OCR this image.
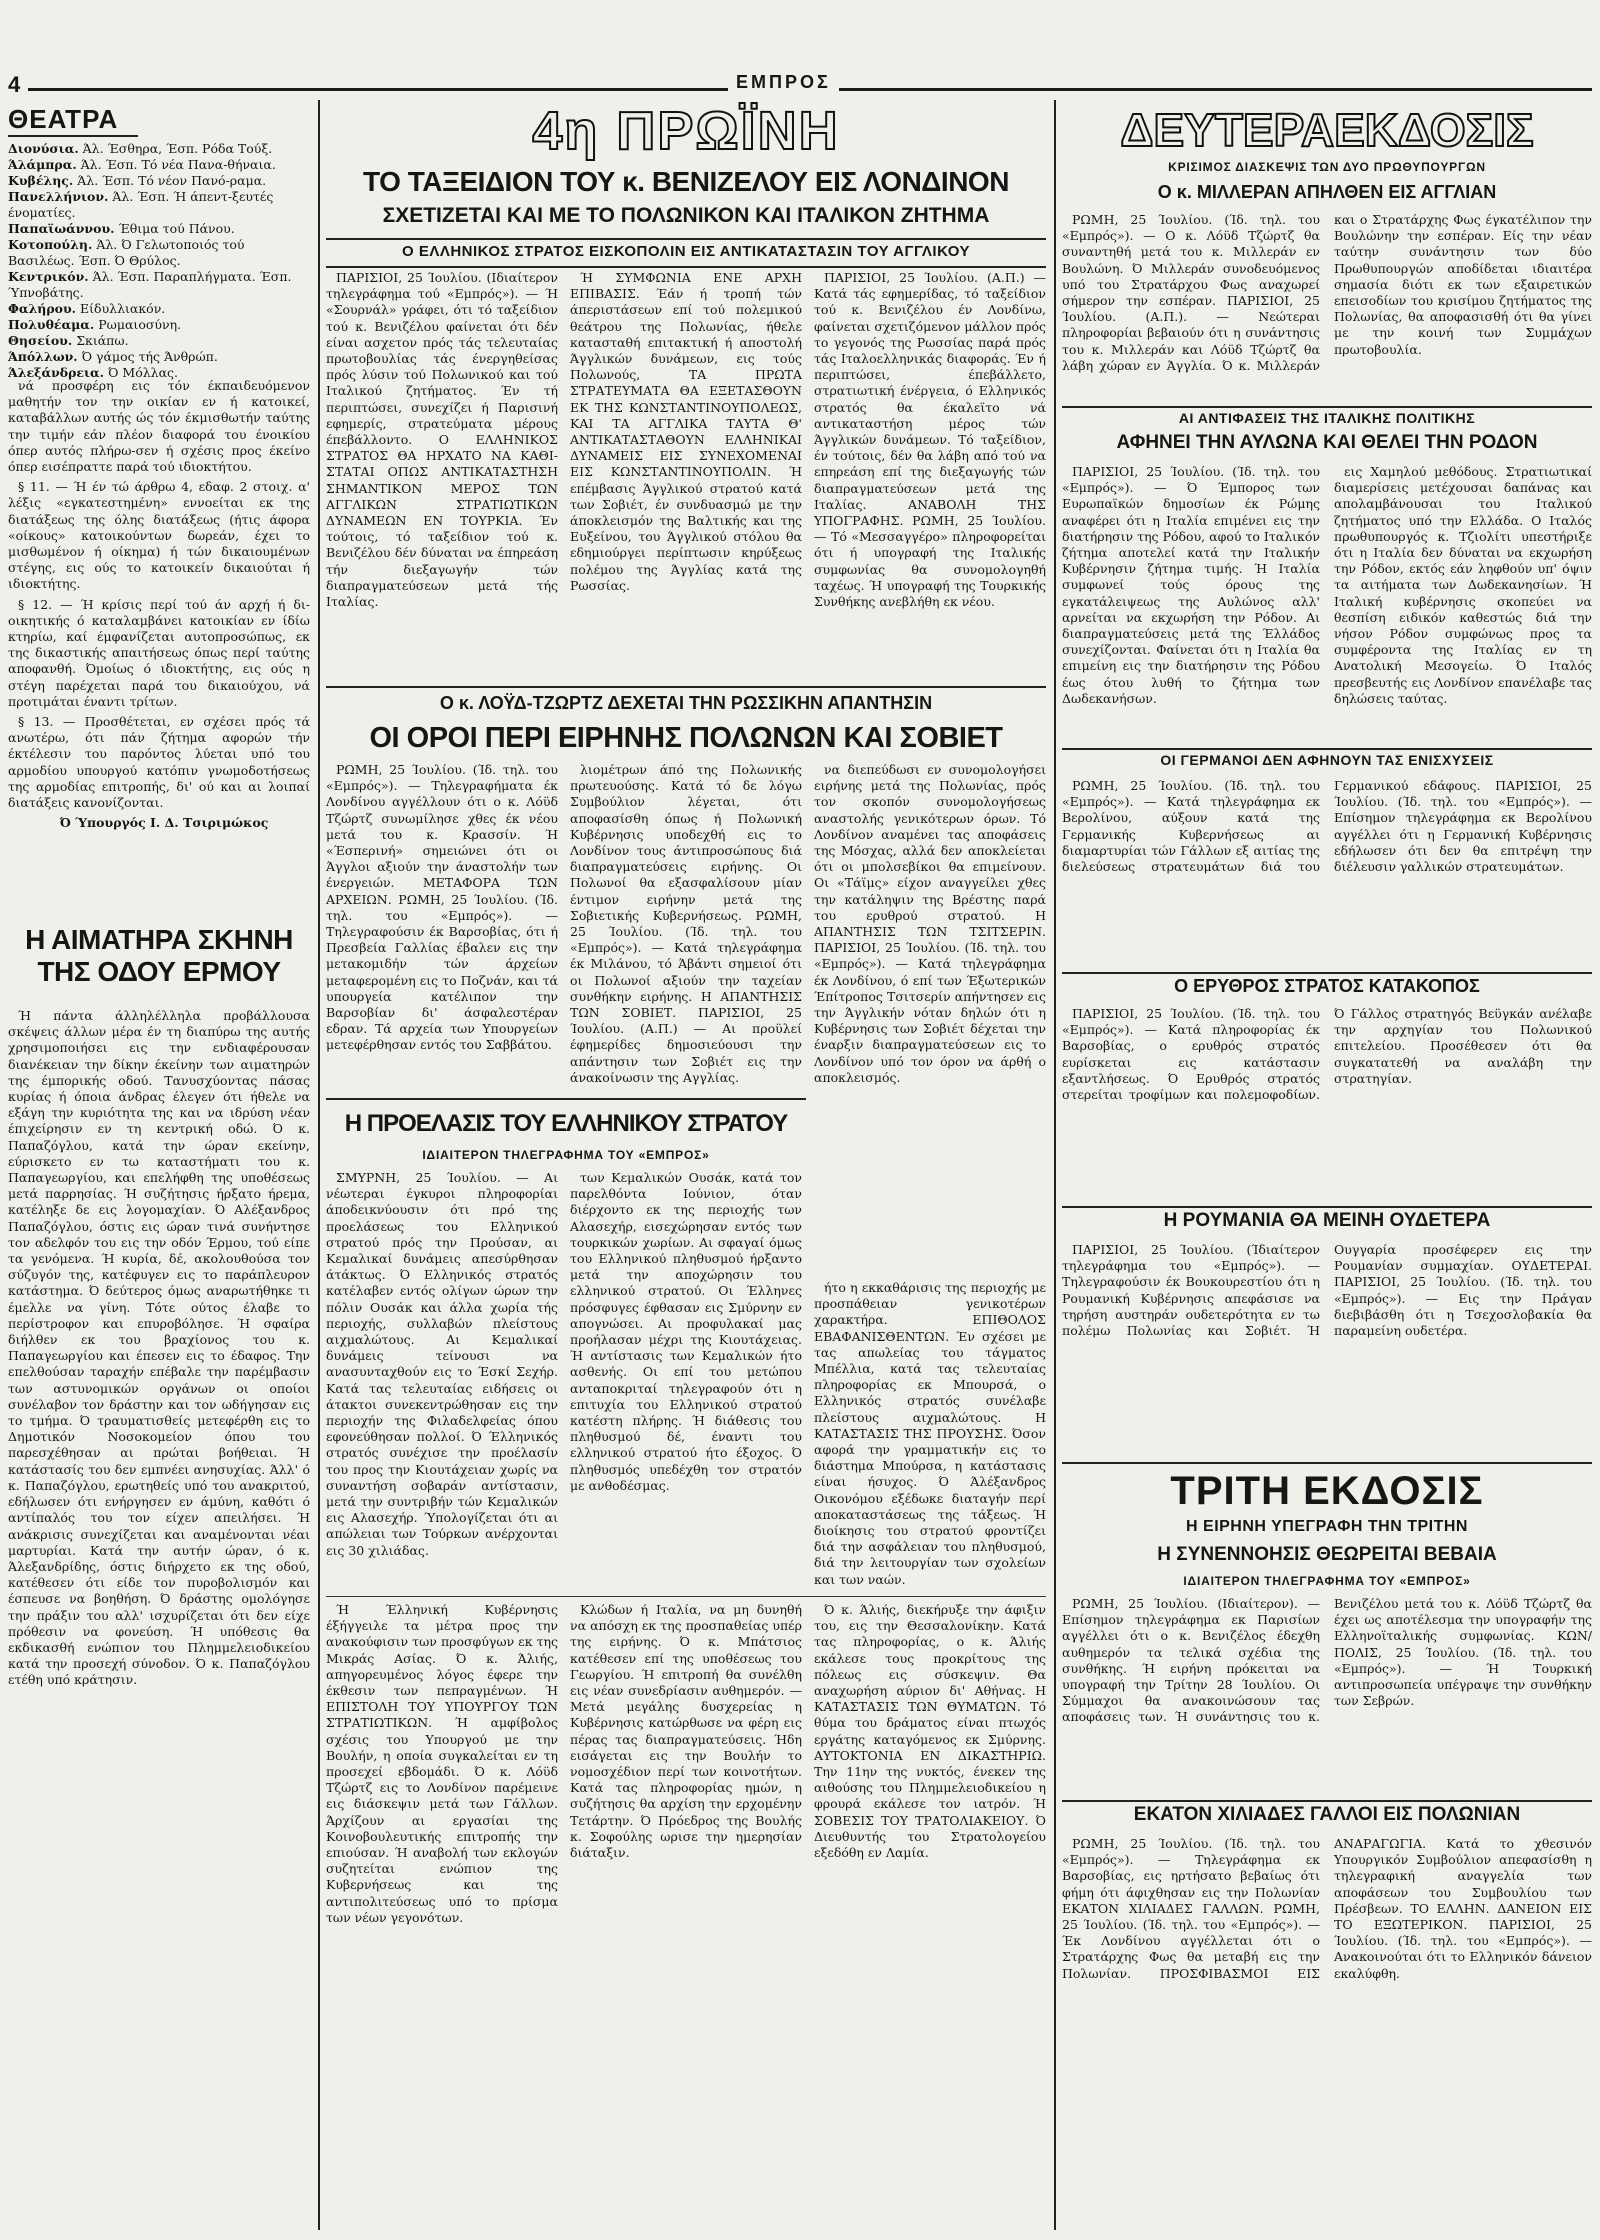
4	ΕΜΠΡΟΣ
ΘΕΑΤΡΑ
Διονύσια. Άλ. Έσθηρα, Έσπ. Ρόδα Τούξ.
Άλάμπρα. Άλ. Έσπ. Τό νέα Πανα-θήναια.
Κυβέλης. Άλ. Έσπ. Τό νέον Πανό-ραμα.
Πανελλήνιον. Άλ. Έσπ. Ή άπεντ-ξευτές ένοματίες.
Παπαϊωάννου. Έθιμα τού Πάνου.
Κοτοπούλη. Άλ. Ό Γελωτοποιός τού Βασιλέως. Έσπ. Ό Θρύλος.
Κεντρικόν. Άλ. Έσπ. Παραπλήγματα. Έσπ. Ύπνοβάτης.
Φαλήρου. Είδυλλιακόν.
Πολυθέαμα. Ρωμαιοσύνη.
Θησείου. Σκιάπω.
Άπόλλων. Ό γάμος τής Άνθρώπ.
Άλεξάνδρεια. Ό Μόλλας.

νά προσφέρη εις τόν έκπαιδευόμενον μαθητήν τον την οικίαν εν ή κατοικεί, καταβάλλων αυτής ώς τόν έκμισθωτήν ταύτης την τιμήν εάν πλέον διαφορά του ένοικίου όπερ αυτός πλήρω-σεν ή σχέσις προς έκείνο όπερ εισέπραττε παρά τού ιδιοκτήτου.

§ 11. — Ή έν τώ άρθρω 4, εδαφ. 2 στοιχ. α' λέξις «εγκατεστημένη» εννοείται εκ της διατάξεως της όλης διατάξεως (ήτις άφορα «οίκους» κατοικούντων δωρεάν, έχει το μισθωμένον ή οίκημα) ή τών δικαιουμένων στέγης, εις ούς το κατοικείν δικαιούται ή ιδιοκτήτης.

§ 12. — Ή κρίσις περί τού άν αρχή ή δι-οικητικής ό καταλαμβάνει κατοικίαν εν ίδίω κτηρίω, καί έμφανίζεται αυτοπροσώπως, εκ της δικαστικής απαιτήσεως όπως περί ταύτης αποφανθή. Όμοίως ό ιδιοκτήτης, εις ούς η στέγη παρέχεται παρά του δικαιούχου, νά προτιμάται έναντι τρίτων.

§ 13. — Προσθέτεται, εν σχέσει πρός τά ανωτέρω, ότι πάν ζήτημα αφορών τήν έκτέλεσιν του παρόντος λύεται υπό του αρμοδίου υπουργού κατόπιν γνωμοδοτήσεως της αρμοδίας επιτροπής, δι' ού και αι λοιπαί διατάξεις κανονίζονται.

Ό Ύπουργός Ι. Δ. Τσιριμώκος

Η ΑΙΜΑΤΗΡΑ ΣΚΗΝΗ
ΤΗΣ ΟΔΟΥ ΕΡΜΟΥ

Ή πάντα άλληλέλληλα προβάλλουσα σκέψεις άλλων μέρα έν τη διαπύρω της αυτής χρησιμοποιήσει εις την ενδιαφέρουσαν διανέκειαν την δίκην έκείνην των αιματηρών της έμπορικής οδού. Τανυσχύοντας πάσας κυρίας ή όποια άνδρας έλεγεν ότι ήθελε να εξάγη την κυριότητα της και να ιδρύση νέαν έπιχείρησιν εν τη κεντρική οδώ. Ό κ. Παπαζόγλου, κατά την ώραν εκείνην, εύρισκετο εν τω καταστήματι του κ. Παπαγεωργίου, και επελήφθη της υποθέσεως μετά παρρησίας. Ή συζήτησις ήρξατο ήρεμα, κατέληξε δε εις λογομαχίαν. Ό Αλέξανδρος Παπαζόγλου, όστις εις ώραν τινά συνήντησε τον αδελφόν του εις την οδόν Έρμου, τού είπε τα γενόμενα. Ή κυρία, δέ, ακολουθούσα τον σύζυγόν της, κατέφυγεν εις το παράπλευρον κατάστημα. Ό δεύτερος όμως αναρωτήθηκε τι έμελλε να γίνη. Τότε ούτος έλαβε το περίστροφον και επυροβόλησε. Ή σφαίρα διήλθεν εκ του βραχίονος του κ. Παπαγεωργίου και έπεσεν εις το έδαφος. Την επελθούσαν ταραχήν επέβαλε την παρέμβασιν των αστυνομικών οργάνων οι οποίοι συνέλαβον τον δράστην και τον ωδήγησαν εις το τμήμα. Ό τραυματισθείς μετεφέρθη εις το Δημοτικόν Νοσοκομείον όπου του παρεσχέθησαν αι πρώται βοήθειαι. Ή κατάστασίς του δεν εμπνέει ανησυχίας. Άλλ' ό κ. Παπαζόγλου, ερωτηθείς υπό του ανακριτού, εδήλωσεν ότι ενήργησεν εν άμύνη, καθότι ό αντίπαλός του τον είχεν απειλήσει. Ή ανάκρισις συνεχίζεται και αναμένονται νέαι μαρτυρίαι. Κατά την αυτήν ώραν, ό κ. Άλεξανδρίδης, όστις διήρχετο εκ της οδού, κατέθεσεν ότι είδε τον πυροβολισμόν και έσπευσε να βοηθήση. Ό δράστης ομολόγησε την πράξιν του αλλ' ισχυρίζεται ότι δεν είχε πρόθεσιν να φονεύση. Ή υπόθεσις θα εκδικασθή ενώπιον του Πλημμελειοδικείου κατά την προσεχή σύνοδον. Ό κ. Παπαζόγλου ετέθη υπό κράτησιν.

4η ΠΡΩΪΝΗ
ΤΟ ΤΑΞΕΙΔΙΟΝ ΤΟΥ κ. ΒΕΝΙΖΕΛΟΥ ΕΙΣ ΛΟΝΔΙΝΟΝ
ΣΧΕΤΙΖΕΤΑΙ ΚΑΙ ΜΕ ΤΟ ΠΟΛΩΝΙΚΟΝ ΚΑΙ ΙΤΑΛΙΚΟΝ ΖΗΤΗΜΑ
Ο ΕΛΛΗΝΙΚΟΣ ΣΤΡΑΤΟΣ ΕΙΣΚΟΠΟΛΙΝ ΕΙΣ ΑΝΤΙΚΑΤΑΣΤΑΣΙΝ ΤΟΥ ΑΓΓΛΙΚΟΥ

ΠΑΡΙΣΙΟΙ, 25 Ίουλίου. (Ιδιαίτερον τηλεγράφημα τού «Εμπρός»). — Ή «Σουρνάλ» γράφει, ότι τό ταξείδιον τού κ. Βενιζέλου φαίνεται ότι δέν είναι ασχετον πρός τάς τελευταίας πρωτοβουλίας τάς ένεργηθείσας πρός λύσιν τού Πολωνικού και τού Ιταλικού ζητήματος. Έν τή περιπτώσει, συνεχίζει ή Παρισινή εφημερίς, στρατεύματα μέρους έπεβάλλοντο. Ο ΕΛΛΗΝΙΚΟΣ ΣΤΡΑΤΟΣ ΘΑ ΗΡΧΑΤΟ ΝΑ ΚΑΘΙ-ΣΤΑΤΑΙ ΟΠΩΣ ΑΝΤΙΚΑΤΑΣΤΗΣΗ ΣΗΜΑΝΤΙΚΟΝ ΜΕΡΟΣ ΤΩΝ ΑΓΓΛΙΚΩΝ ΣΤΡΑΤΙΩΤΙΚΩΝ ΔΥΝΑΜΕΩΝ ΕΝ ΤΟΥΡΚΙΑ. Έν τούτοις, τό ταξείδιον τού κ. Βενιζέλου δέν δύναται να έπηρεάση τήν διεξαγωγήν τών διαπραγματεύσεων μετά τής Ιταλίας.

Ή ΣΥΜΦΩΝΙΑ ΕΝΕ ΑΡΧΗ ΕΠΙΒΑΣΙΣ. Έάν ή τροπή τών άπεριστάσεων επί τού πολεμικού θεάτρου της Πολωνίας, ήθελε κατασταθή επιτακτική ή αποστολή Άγγλικών δυνάμεων, εις τούς Πολωνούς, ΤΑ ΠΡΩΤΑ ΣΤΡΑΤΕΥΜΑΤΑ ΘΑ ΕΞΕΤΑΣΘΟΥΝ ΕΚ ΤΗΣ ΚΩΝΣΤΑΝΤΙΝΟΥΠΟΛΕΩΣ, ΚΑΙ ΤΑ ΑΓΓΛΙΚΑ ΤΑΥΤΑ Θ' ΑΝΤΙΚΑΤΑΣΤΑΘΟΥΝ ΕΛΛΗΝΙΚΑΙ ΔΥΝΑΜΕΙΣ ΕΙΣ ΣΥΝΕΧΟΜΕΝΑΙ ΕΙΣ ΚΩΝΣΤΑΝΤΙΝΟΥΠΟΛΙΝ. Ή επέμβασις Άγγλικού στρατού κατά των Σοβιέτ, έν συνδυασμώ με την άποκλεισμόν της Βαλτικής και της Ευξείνου, του Άγγλικού στόλου θα εδημιούργει περίπτωσιν κηρύξεως πολέμου της Άγγλίας κατά της Ρωσσίας.

ΠΑΡΙΣΙΟΙ, 25 Ίουλίου. (Α.Π.) — Κατά τάς εφημερίδας, τό ταξείδιον τού κ. Βενιζέλου έν Λονδίνω, φαίνεται σχετιζόμενον μάλλον πρός το γεγονός της Ρωσσίας παρά πρός τάς Ιταλοελληνικάς διαφοράς. Έν ή περιπτώσει, έπεβάλλετο, στρατιωτική ένέργεια, ό Ελληνικός στρατός θα έκαλεϊτο νά αντικαταστήση μέρος τών Άγγλικών δυνάμεων. Τό ταξείδιον, έν τούτοις, δέν θα λάβη από τού να επηρεάση επί της διεξαγωγής τών διαπραγματεύσεων μετά της Ιταλίας. ΑΝΑΒΟΛΗ ΤΗΣ ΥΠΟΓΡΑΦΗΣ. ΡΩΜΗ, 25 Ίουλίου. — Τό «Μεσσαγγέρο» πληροφορείται ότι ή υπογραφή της Ιταλικής συμφωνίας θα συνομολογηθή ταχέως. Ή υπογραφή της Τουρκικής Συνθήκης ανεβλήθη εκ νέου.

Ο κ. ΛΟΫΔ-ΤΖΩΡΤΖ ΔΕΧΕΤΑΙ ΤΗΝ ΡΩΣΣΙΚΗΝ ΑΠΑΝΤΗΣΙΝ
ΟΙ ΟΡΟΙ ΠΕΡΙ ΕΙΡΗΝΗΣ ΠΟΛΩΝΩΝ ΚΑΙ ΣΟΒΙΕΤ

ΡΩΜΗ, 25 Ίουλίου. (Ίδ. τηλ. του «Εμπρός»). — Τηλεγραφήματα έκ Λονδίνου αγγέλλουν ότι ο κ. Λόϋδ Τζώρτζ συνωμίλησε χθες έκ νέου μετά του κ. Κρασσίν. Ή «Έσπερινή» σημειώνει ότι οι Άγγλοι αξιούν την άναστολήν των ένεργειών. ΜΕΤΑΦΟΡΑ ΤΩΝ ΑΡΧΕΙΩΝ. ΡΩΜΗ, 25 Ίουλίου. (Ίδ. τηλ. του «Εμπρός»). — Τηλεγραφούσιν έκ Βαρσοβίας, ότι ή Πρεσβεία Γαλλίας έβαλεν εις την μετακομιδήν τών άρχείων μεταφερομένη εις το Ποζνάν, και τά υπουργεία κατέλιπον την Βαρσοβίαν δι' άσφαλεστέραν εδραν. Τά αρχεία των Υπουργείων μετεφέρθησαν εντός του Σαββάτου.

λιομέτρων άπό της Πολωνικής πρωτευούσης. Κατά τό δε λόγω Συμβούλιον λέγεται, ότι αποφασίσθη όπως ή Πολωνική Κυβέρνησις υποδεχθή εις το Λονδίνον τους άντιπροσώπους διά διαπραγματεύσεις ειρήνης. Οι Πολωνοί θα εξασφαλίσουν μίαν έντιμον ειρήνην μετά της Σοβιετικής Κυβερνήσεως. ΡΩΜΗ, 25 Ίουλίου. (Ίδ. τηλ. του «Εμπρός»). — Κατά τηλεγράφημα έκ Μιλάνου, τό Άβάντι σημειοί ότι οι Πολωνοί αξιούν την ταχείαν συνθήκην ειρήνης. Η ΑΠΑΝΤΗΣΙΣ ΤΩΝ ΣΟΒΙΕΤ. ΠΑΡΙΣΙΟΙ, 25 Ίουλίου. (Α.Π.) — Αι προϋλεί έφημερίδες δημοσιεύουσι την απάντησιν των Σοβιέτ εις την άνακοίνωσιν της Αγγλίας.

να διεπεύδωσι εν συνομολογήσει ειρήνης μετά της Πολωνίας, πρός τον σκοπόν συνομολογήσεως αναστολής γενικότερων όρων. Τό Λονδίνον αναμένει τας αποφάσεις της Μόσχας, αλλά δεν αποκλείεται ότι οι μπολσεβίκοι θα επιμείνουν. Οι «Τάϊμς» είχον αναγγείλει χθες την κατάληψιν της Βρέστης παρά του ερυθρού στρατού. Η ΑΠΑΝΤΗΣΙΣ ΤΩΝ ΤΣΙΤΣΕΡΙΝ. ΠΑΡΙΣΙΟΙ, 25 Ίουλίου. (Ίδ. τηλ. του «Εμπρός»). — Κατά τηλεγράφημα έκ Λονδίνου, ό επί των Έξωτερικών Έπίτροπος Τσιτσερίν απήντησεν εις την Άγγλικήν νόταν δηλών ότι η Κυβέρνησις των Σοβιέτ δέχεται την έναρξιν διαπραγματεύσεων εις το Λονδίνον υπό τον όρον να άρθή ο αποκλεισμός.

Η ΠΡΟΕΛΑΣΙΣ ΤΟΥ ΕΛΛΗΝΙΚΟΥ ΣΤΡΑΤΟΥ
ΙΔΙΑΙΤΕΡΟΝ ΤΗΛΕΓΡΑΦΗΜΑ ΤΟΥ «ΕΜΠΡΟΣ»

ΣΜΥΡΝΗ, 25 Ίουλίου. — Αι νέωτεραι έγκυροι πληροφορίαι άποδεικνύουσιν ότι πρό της προελάσεως του Ελληνικού στρατού πρός την Προύσαν, αι Κεμαλικαί δυνάμεις απεσύρθησαν άτάκτως. Ό Ελληνικός στρατός κατέλαβεν εντός ολίγων ώρων την πόλιν Ουσάκ και άλλα χωρία τής περιοχής, συλλαβών πλείστους αιχμαλώτους. Αι Κεμαλικαί δυνάμεις τείνουσι να ανασυνταχθούν εις το Έσκί Σεχήρ. Κατά τας τελευταίας ειδήσεις οι άτακτοι συνεκεντρώθησαν εις την περιοχήν της Φιλαδελφείας όπου εφονεύθησαν πολλοί. Ό Έλληνικός στρατός συνέχισε την προέλασίν του προς την Κιουτάχειαν χωρίς να συναντήση σοβαράν αντίστασιν, μετά την συντριβήν τών Κεμαλικών εις Αλασεχήρ. Ύπολογίζεται ότι αι απώλειαι των Τούρκων ανέρχονται εις 30 χιλιάδας.

των Κεμαλικών Ουσάκ, κατά τον παρελθόντα Ιούνιον, όταν διέρχοντο εκ της περιοχής των Αλασεχήρ, εισεχώρησαν εντός των τουρκικών χωρίων. Αι σφαγαί όμως του Ελληνικού πληθυσμού ήρξαντο μετά την αποχώρησιν του ελληνικού στρατού. Οι Έλληνες πρόσφυγες έφθασαν εις Σμύρνην εν απογνώσει. Αι προφυλακαί μας προήλασαν μέχρι της Κιουτάχειας. Ή αντίστασις των Κεμαλικών ήτο ασθενής. Οι επί του μετώπου ανταποκριταί τηλεγραφούν ότι η επιτυχία του Ελληνικού στρατού κατέστη πλήρης. Ή διάθεσις του πληθυσμού δέ, έναντι του ελληνικού στρατού ήτο έξοχος. Ό πληθυσμός υπεδέχθη τον στρατόν με ανθοδέσμας.

ήτο η εκκαθάρισις της περιοχής με προσπάθειαν γενικοτέρων χαρακτήρα. ΕΠΙΘΟΛΟΣ ΕΒΑΦΑΝΙΣΘΕΝΤΩΝ. Έν σχέσει με τας απωλείας του τάγματος Μπέλλια, κατά τας τελευταίας πληροφορίας εκ Μπουρσά, ο Ελληνικός στρατός συνέλαβε πλείστους αιχμαλώτους. Η ΚΑΤΑΣΤΑΣΙΣ ΤΗΣ ΠΡΟΥΣΗΣ. Όσον αφορά την γραμματικήν εις το διάστημα Μπούρσα, η κατάστασις είναι ήσυχος. Ό Άλέξανδρος Οικονόμου εξέδωκε διαταγήν περί αποκαταστάσεως της τάξεως. Ή διοίκησις του στρατού φροντίζει διά την ασφάλειαν του πληθυσμού, διά την λειτουργίαν των σχολείων και των ναών.

Ή Έλληνική Κυβέρνησις έξήγγειλε τα μέτρα προς την ανακούφισιν των προσφύγων εκ της Μικράς Ασίας. Ό κ. Άλιής, απηγορευμένος λόγος έφερε την έκθεσιν των πεπραγμένων. Ή ΕΠΙΣΤΟΛΗ ΤΟΥ ΥΠΟΥΡΓΟΥ ΤΩΝ ΣΤΡΑΤΙΩΤΙΚΩΝ. Ή αμφίβολος σχέσις του Υπουργού με την Βουλήν, η οποία συγκαλείται εν τη προσεχεί εβδομάδι. Ό κ. Λόϋδ Τζώρτζ εις το Λονδίνον παρέμεινε εις διάσκεψιν μετά των Γάλλων. Άρχίζουν αι εργασίαι της Κοινοβουλευτικής επιτροπής την επιούσαν. Ή αναβολή των εκλογών συζητείται ενώπιον της Κυβερνήσεως και της αντιπολιτεύσεως υπό το πρίσμα των νέων γεγονότων.

Κλώδων ή Ιταλία, να μη δυνηθή να απόσχη εκ της προσπαθείας υπέρ της ειρήνης. Ό κ. Μπάτσιος κατέθεσεν επί της υποθέσεως του Γεωργίου. Ή επιτροπή θα συνέλθη εις νέαν συνεδρίασιν αυθημερόν. —Μετά μεγάλης δυσχερείας η Κυβέρνησις κατώρθωσε να φέρη εις πέρας τας διαπραγματεύσεις. Ήδη εισάγεται εις την Βουλήν το νομοσχέδιον περί των κοινοτήτων. Κατά τας πληροφορίας ημών, η συζήτησις θα αρχίση την ερχομένην Τετάρτην. Ό Πρόεδρος της Βουλής κ. Σοφούλης ωρισε την ημερησίαν διάταξιν.

Ό κ. Άλιής, διεκήρυξε την άφιξιν του, εις την Θεσσαλονίκην. Κατά τας πληροφορίας, ο κ. Άλιής εκάλεσε τους προκρίτους της πόλεως εις σύσκεψιν. Θα αναχωρήση αύριον δι' Αθήνας. Η ΚΑΤΑΣΤΑΣΙΣ ΤΩΝ ΘΥΜΑΤΩΝ. Τό θύμα του δράματος είναι πτωχός εργάτης καταγόμενος εκ Σμύρνης. ΑΥΤΟΚΤΟΝΙΑ ΕΝ ΔΙΚΑΣΤΗΡΙΩ. Την 11ην της νυκτός, ένεκεν της αιθούσης του Πλημμελειοδικείου η φρουρά εκάλεσε τον ιατρόν. Ή ΣΟΒΕΣΙΣ ΤΟΥ ΤΡΑΤΟΛΙΑΚΕΙΟΥ. Ό Διευθυντής του Στρατολογείου εξεδόθη εν Λαμία.

ΔΕΥΤΕΡΑΕΚΔΟΣΙΣ
ΚΡΙΣΙΜΟΣ ΔΙΑΣΚΕΨΙΣ ΤΩΝ ΔΥΟ ΠΡΩΘΥΠΟΥΡΓΩΝ
Ο κ. ΜΙΛΛΕΡΑΝ ΑΠΗΛΘΕΝ ΕΙΣ ΑΓΓΛΙΑΝ

ΡΩΜΗ, 25 Ίουλίου. (Ίδ. τηλ. του «Εμπρός»). — Ο κ. Λόϋδ Τζώρτζ θα συναντηθή μετά του κ. Μιλλεράν εν Βουλώνη. Ό Μιλλεράν συνοδευόμενος υπό του Στρατάρχου Φως αναχωρεί σήμερον την εσπέραν. ΠΑΡΙΣΙΟΙ, 25 Ίουλίου. (Α.Π.). — Νεώτεραι πληροφορίαι βεβαιούν ότι η συνάντησις του κ. Μιλλεράν και Λόϋδ Τζώρτζ θα λάβη χώραν εν Άγγλία. Ό κ. Μιλλεράν και ο Στρατάρχης Φως έγκατέλιπον την Βουλώνην την εσπέραν. Είς την νέαν ταύτην συνάντησιν των δύο Πρωθυπουργών αποδίδεται ιδιαιτέρα σημασία διότι εκ των εξαιρετικών επεισοδίων του κρισίμου ζητήματος της Πολωνίας, θα αποφασισθή ότι θα γίνει με την κοινή των Συμμάχων πρωτοβουλία.

ΑΙ ΑΝΤΙΦΑΣΕΙΣ ΤΗΣ ΙΤΑΛΙΚΗΣ ΠΟΛΙΤΙΚΗΣ
ΑΦΗΝΕΙ ΤΗΝ ΑΥΛΩΝΑ ΚΑΙ ΘΕΛΕΙ ΤΗΝ ΡΟΔΟΝ

ΠΑΡΙΣΙΟΙ, 25 Ίουλίου. (Ίδ. τηλ. του «Εμπρός»). — Ό Έμπορος των Ευρωπαϊκών δημοσίων έκ Ρώμης αναφέρει ότι η Ιταλία επιμένει εις την διατήρησιν της Ρόδου, αφού το Ιταλικόν ζήτημα αποτελεί κατά την Ιταλικήν Κυβέρνησιν ζήτημα τιμής. Ή Ιταλία συμφωνεί τούς όρους της εγκατάλειψεως της Αυλώνος αλλ' αρνείται να εκχωρήση την Ρόδον. Αι διαπραγματεύσεις μετά της Έλλάδος συνεχίζονται. Φαίνεται ότι η Ιταλία θα επιμείνη εις την διατήρησιν της Ρόδου έως ότου λυθή το ζήτημα των Δωδεκανήσων.

εις Χαμηλού μεθόδους. Στρατιωτικαί διαμερίσεις μετέχουσαι δαπάνας και απολαμβάνουσαι του Ιταλικού ζητήματος υπό την Ελλάδα. Ο Ιταλός πρωθυπουργός κ. Τζιολίτι υπεστήριξε ότι η Ιταλία δεν δύναται να εκχωρήση την Ρόδον, εκτός εάν ληφθούν υπ' όψιν τα αιτήματα των Δωδεκανησίων. Ή Ιταλική κυβέρνησις σκοπεύει να θεσπίση ειδικόν καθεστώς διά την νήσον Ρόδον συμφώνως προς τα συμφέροντα της Ιταλίας εν τη Ανατολική Μεσογείω. Ό Ιταλός πρεσβευτής εις Λονδίνον επανέλαβε τας δηλώσεις ταύτας.

ΟΙ ΓΕΡΜΑΝΟΙ ΔΕΝ ΑΦΗΝΟΥΝ ΤΑΣ ΕΝΙΣΧΥΣΕΙΣ

ΡΩΜΗ, 25 Ίουλίου. (Ίδ. τηλ. του «Εμπρός»). — Κατά τηλεγράφημα εκ Βερολίνου, αύξουν κατά της Γερμανικής Κυβερνήσεως αι διαμαρτυρίαι τών Γάλλων εξ αιτίας της διελεύσεως στρατευμάτων διά του Γερμανικού εδάφους. ΠΑΡΙΣΙΟΙ, 25 Ίουλίου. (Ίδ. τηλ. του «Εμπρός»). — Επίσημον τηλεγράφημα εκ Βερολίνου αγγέλλει ότι η Γερμανική Κυβέρνησις εδήλωσεν ότι δεν θα επιτρέψη την διέλευσιν γαλλικών στρατευμάτων.

Ο ΕΡΥΘΡΟΣ ΣΤΡΑΤΟΣ ΚΑΤΑΚΟΠΟΣ

ΠΑΡΙΣΙΟΙ, 25 Ίουλίου. (Ίδ. τηλ. του «Εμπρός»). — Κατά πληροφορίας έκ Βαρσοβίας, ο ερυθρός στρατός ευρίσκεται εις κατάστασιν εξαντλήσεως. Ό Ερυθρός στρατός στερείται τροφίμων και πολεμοφοδίων. Ό Γάλλος στρατηγός Βεϋγκάν ανέλαβε την αρχηγίαν του Πολωνικού επιτελείου. Προσέθεσεν ότι θα συγκατατεθή να αναλάβη την στρατηγίαν.

Η ΡΟΥΜΑΝΙΑ ΘΑ ΜΕΙΝΗ ΟΥΔΕΤΕΡΑ

ΠΑΡΙΣΙΟΙ, 25 Ίουλίου. (Ίδιαίτερον τηλεγράφημα του «Εμπρός»). — Τηλεγραφούσιν έκ Βουκουρεστίου ότι η Ρουμανική Κυβέρνησις απεφάσισε να τηρήση αυστηράν ουδετερότητα εν τω πολέμω Πολωνίας και Σοβιέτ. Ή Ουγγαρία προσέφερεν εις την Ρουμανίαν συμμαχίαν. ΟΥΔΕΤΕΡΑΙ. ΠΑΡΙΣΙΟΙ, 25 Ίουλίου. (Ίδ. τηλ. του «Εμπρός»). — Εις την Πράγαν διεβιβάσθη ότι η Τσεχοσλοβακία θα παραμείνη ουδετέρα.

ΤΡΙΤΗ ΕΚΔΟΣΙΣ
Η ΕΙΡΗΝΗ ΥΠΕΓΡΑΦΗ ΤΗΝ ΤΡΙΤΗΝ
Η ΣΥΝΕΝΝΟΗΣΙΣ ΘΕΩΡΕΙΤΑΙ ΒΕΒΑΙΑ
ΙΔΙΑΙΤΕΡΟΝ ΤΗΛΕΓΡΑΦΗΜΑ ΤΟΥ «ΕΜΠΡΟΣ»

ΡΩΜΗ, 25 Ίουλίου. (Ιδιαίτερον). — Επίσημον τηλεγράφημα εκ Παρισίων αγγέλλει ότι ο κ. Βενιζέλος έδεχθη αυθημερόν τα τελικά σχέδια της συνθήκης. Ή ειρήνη πρόκειται να υπογραφή την Τρίτην 28 Ίουλίου. Οι Σύμμαχοι θα ανακοινώσουν τας αποφάσεις των. Ή συνάντησις του κ. Βενιζέλου μετά του κ. Λόϋδ Τζώρτζ θα έχει ως αποτέλεσμα την υπογραφήν της Ελληνοϊταλικής συμφωνίας. ΚΩΝ/ΠΟΛΙΣ, 25 Ίουλίου. (Ίδ. τηλ. του «Εμπρός»). — Ή Τουρκική αντιπροσωπεία υπέγραψε την συνθήκην των Σεβρών.

ΕΚΑΤΟΝ ΧΙΛΙΑΔΕΣ ΓΑΛΛΟΙ ΕΙΣ ΠΟΛΩΝΙΑΝ

ΡΩΜΗ, 25 Ίουλίου. (Ίδ. τηλ. του «Εμπρός»). — Τηλεγράφημα εκ Βαρσοβίας, εις ηρτήσατο βεβαίως ότι φήμη ότι άφιχθησαν εις την Πολωνίαν ΕΚΑΤΟΝ ΧΙΛΙΑΔΕΣ ΓΑΛΛΩΝ. ΡΩΜΗ, 25 Ίουλίου. (Ίδ. τηλ. του «Εμπρός»). — Έκ Λονδίνου αγγέλλεται ότι ο Στρατάρχης Φως θα μεταβή εις την Πολωνίαν. ΠΡΟΣΦΙΒΑΣΜΟΙ ΕΙΣ ΑΝΑΡΑΓΩΓΙΑ. Κατά το χθεσινόν Υπουργικόν Συμβούλιον απεφασίσθη η τηλεγραφική αναγγελία των αποφάσεων του Συμβουλίου των Πρέσβεων. ΤΟ ΕΛΛΗΝ. ΔΑΝΕΙΟΝ ΕΙΣ ΤΟ ΕΞΩΤΕΡΙΚΟΝ. ΠΑΡΙΣΙΟΙ, 25 Ίουλίου. (Ίδ. τηλ. του «Εμπρός»). — Ανακοινούται ότι το Ελληνικόν δάνειον εκαλύφθη.
